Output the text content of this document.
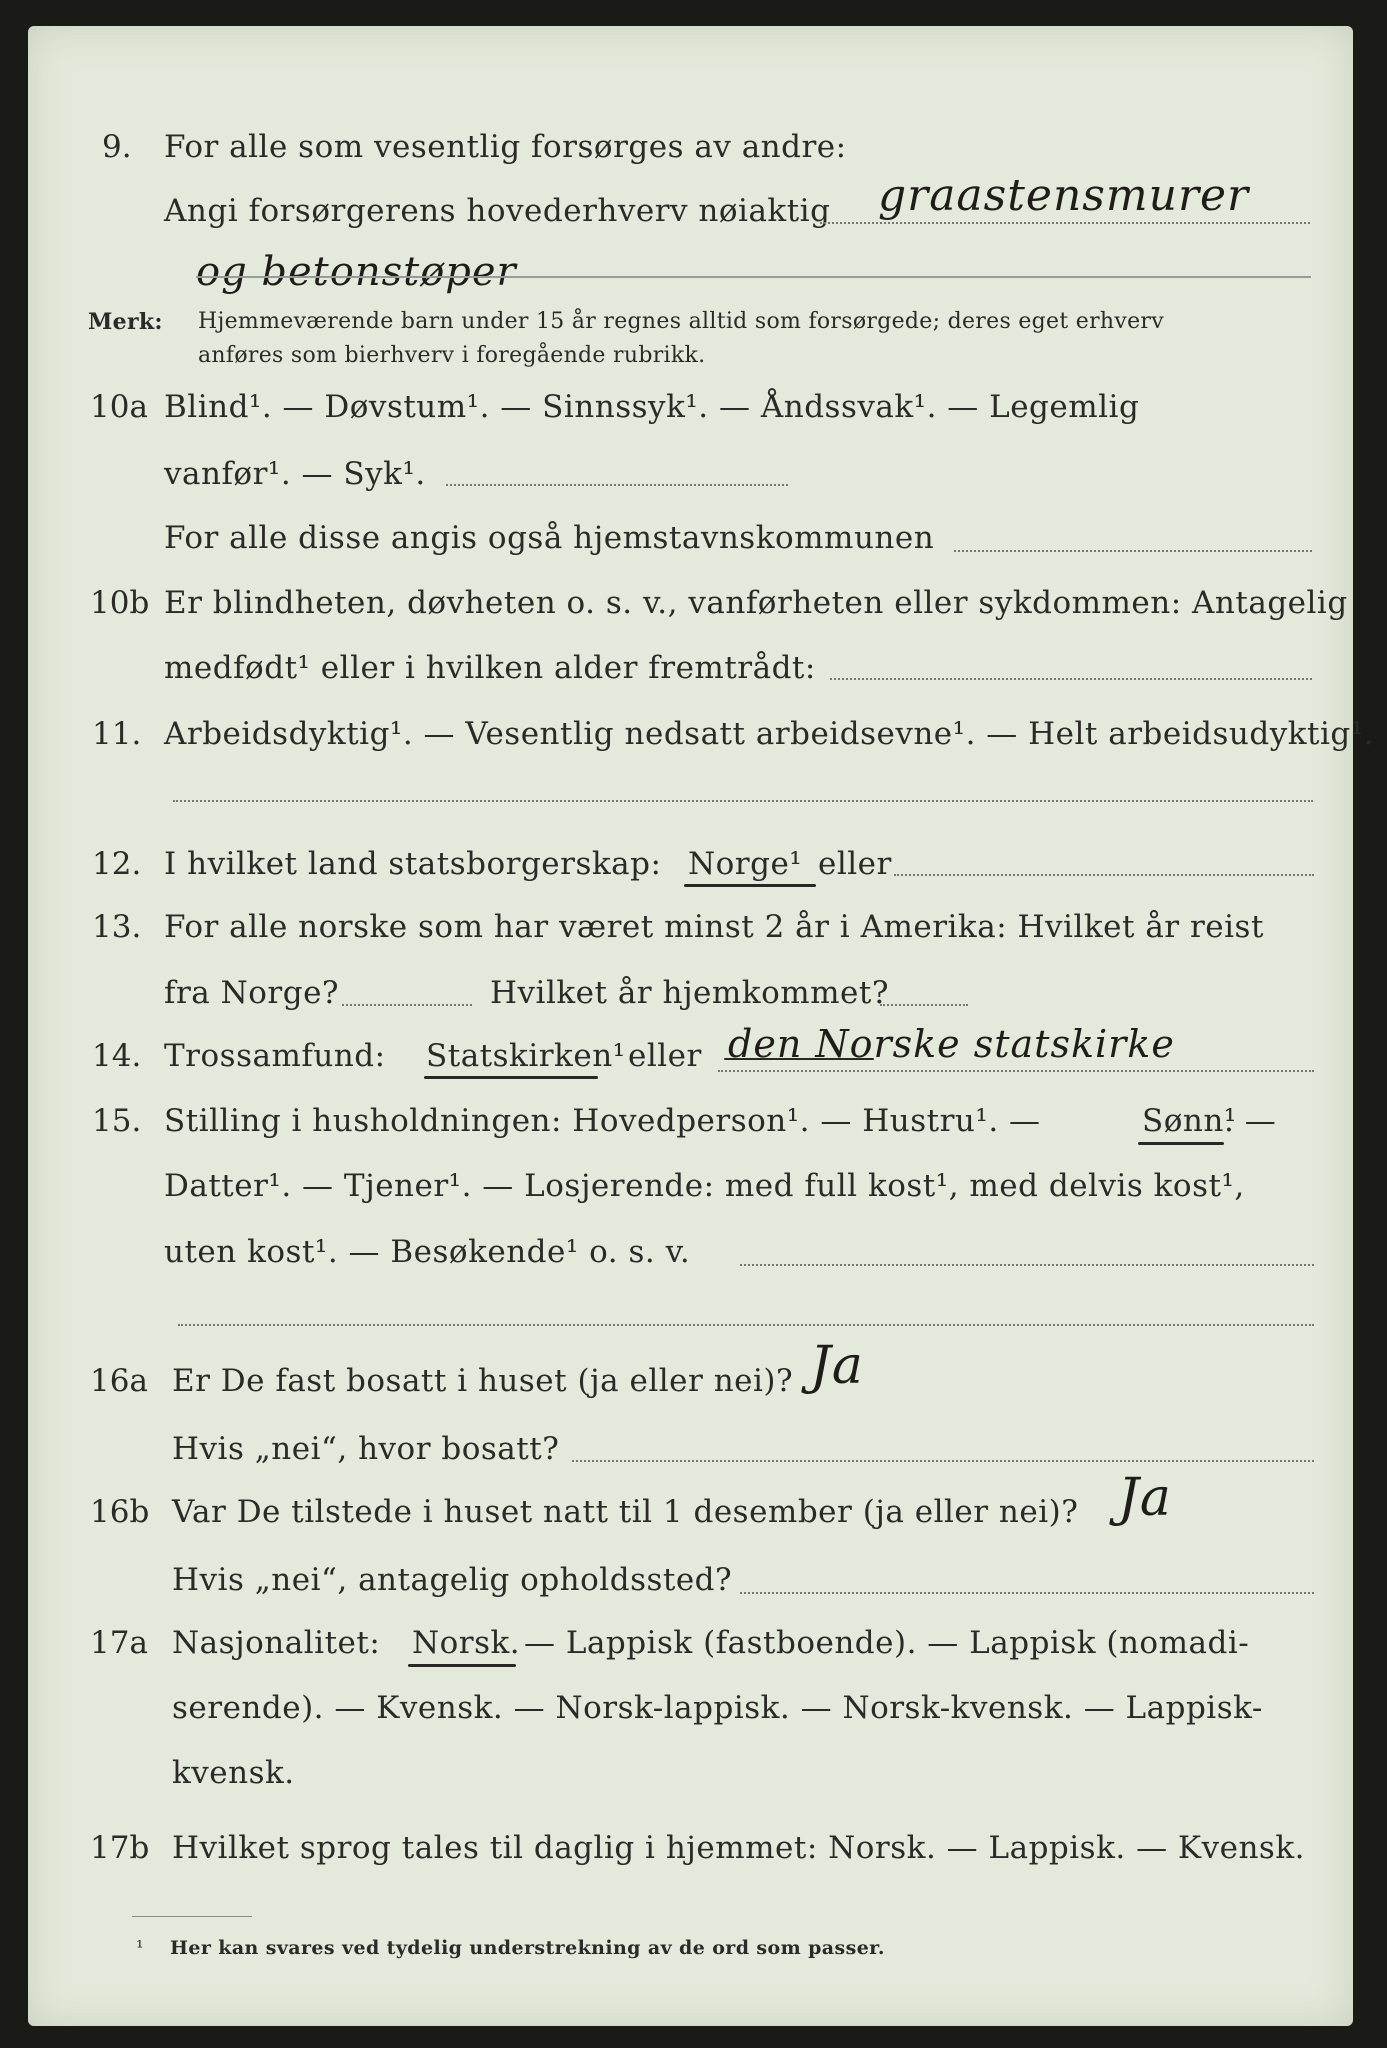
9. For alle som vesentlig forsørges av andre:
Angi forsørgerens hovederhverv nøiaktig graastensmurer
og betonstøper
Merk: Hjemmeværende barn under 15 år regnes alltid som forsørgede; deres eget erhverv
anføres som bierhverv i foregående rubrikk.
10a Blind¹. — Døvstum¹. — Sinnssyk¹. — Åndssvak¹. — Legemlig
vanfør¹. — Syk¹.
For alle disse angis også hjemstavnskommunen
10b Er blindheten, døvheten o. s. v., vanførheten eller sykdommen: Antagelig
medfødt¹ eller i hvilken alder fremtrådt:
11. Arbeidsdyktig¹. — Vesentlig nedsatt arbeidsevne¹. — Helt arbeidsudyktig¹.
12. I hvilket land statsborgerskap: Norge¹ eller
13. For alle norske som har været minst 2 år i Amerika: Hvilket år reist
fra Norge?	Hvilket år hjemkommet?
14. Trossamfund: Statskirken¹ eller den Norske statskirke
15. Stilling i husholdningen: Hovedperson¹. — Hustru¹. —	Sønn¹
. —
Datter¹. — Tjener¹. — Losjerende: med full kost¹, med delvis kost¹,
uten kost¹. — Besøkende¹ o. s. v.
16a Er De fast bosatt i huset (ja eller nei)? Ja
Hvis „nei“, hvor bosatt?
16b Var De tilstede i huset natt til 1 desember (ja eller nei)? Ja
Hvis „nei“, antagelig opholdssted?
17a Nasjonalitet: Norsk. — Lappisk (fastboende). — Lappisk (nomadi-
serende). — Kvensk. — Norsk-lappisk. — Norsk-kvensk. — Lappisk-
kvensk.
17b Hvilket sprog tales til daglig i hjemmet: Norsk. — Lappisk. — Kvensk.
¹ Her kan svares ved tydelig understrekning av de ord som passer.
